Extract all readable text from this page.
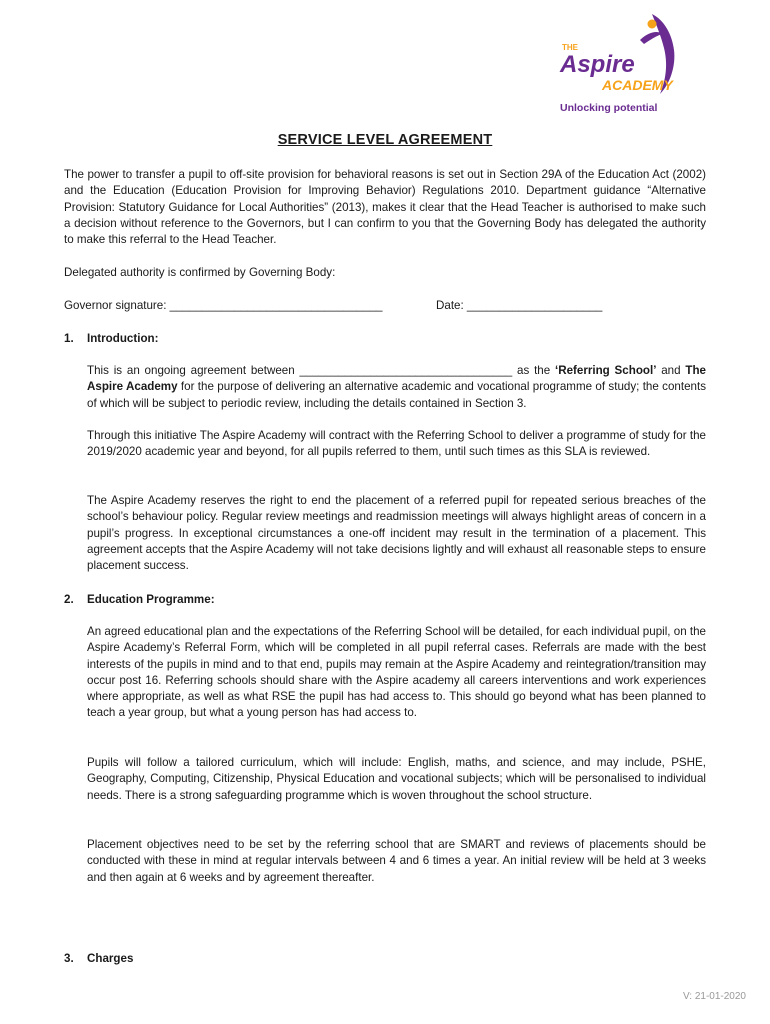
THE
Aspire
ACADEMY
Unlocking potential
SERVICE LEVEL AGREEMENT

The power to transfer a pupil to off-site provision for behavioral reasons is set out in Section 29A of the Education Act (2002) and the Education (Education Provision for Improving Behavior) Regulations 2010. Department guidance “Alternative Provision: Statutory Guidance for Local Authorities” (2013), makes it clear that the Head Teacher is authorised to make such a decision without reference to the Governors, but I can confirm to you that the Governing Body has delegated the authority to make this referral to the Head Teacher.

Delegated authority is confirmed by Governing Body:
Governor signature: _________________________________	Date: _____________________
1. Introduction:

This is an ongoing agreement between _________________________________ as the ‘Referring School’ and The Aspire Academy for the purpose of delivering an alternative academic and vocational programme of study; the contents of which will be subject to periodic review, including the details contained in Section 3.

Through this initiative The Aspire Academy will contract with the Referring School to deliver a programme of study for the 2019/2020 academic year and beyond, for all pupils referred to them, until such times as this SLA is reviewed.

The Aspire Academy reserves the right to end the placement of a referred pupil for repeated serious breaches of the school’s behaviour policy. Regular review meetings and readmission meetings will always highlight areas of concern in a pupil’s progress. In exceptional circumstances a one-off incident may result in the termination of a placement. This agreement accepts that the Aspire Academy will not take decisions lightly and will exhaust all reasonable steps to ensure placement success.

2. Education Programme:

An agreed educational plan and the expectations of the Referring School will be detailed, for each individual pupil, on the Aspire Academy’s Referral Form, which will be completed in all pupil referral cases. Referrals are made with the best interests of the pupils in mind and to that end, pupils may remain at the Aspire Academy and reintegration/transition may occur post 16. Referring schools should share with the Aspire academy all careers interventions and work experiences where appropriate, as well as what RSE the pupil has had access to. This should go beyond what has been planned to teach a year group, but what a young person has had access to.

Pupils will follow a tailored curriculum, which will include: English, maths, and science, and may include, PSHE, Geography, Computing, Citizenship, Physical Education and vocational subjects; which will be personalised to individual needs. There is a strong safeguarding programme which is woven throughout the school structure.

Placement objectives need to be set by the referring school that are SMART and reviews of placements should be conducted with these in mind at regular intervals between 4 and 6 times a year. An initial review will be held at 3 weeks and then again at 6 weeks and by agreement thereafter.

3. Charges
V: 21-01-2020
